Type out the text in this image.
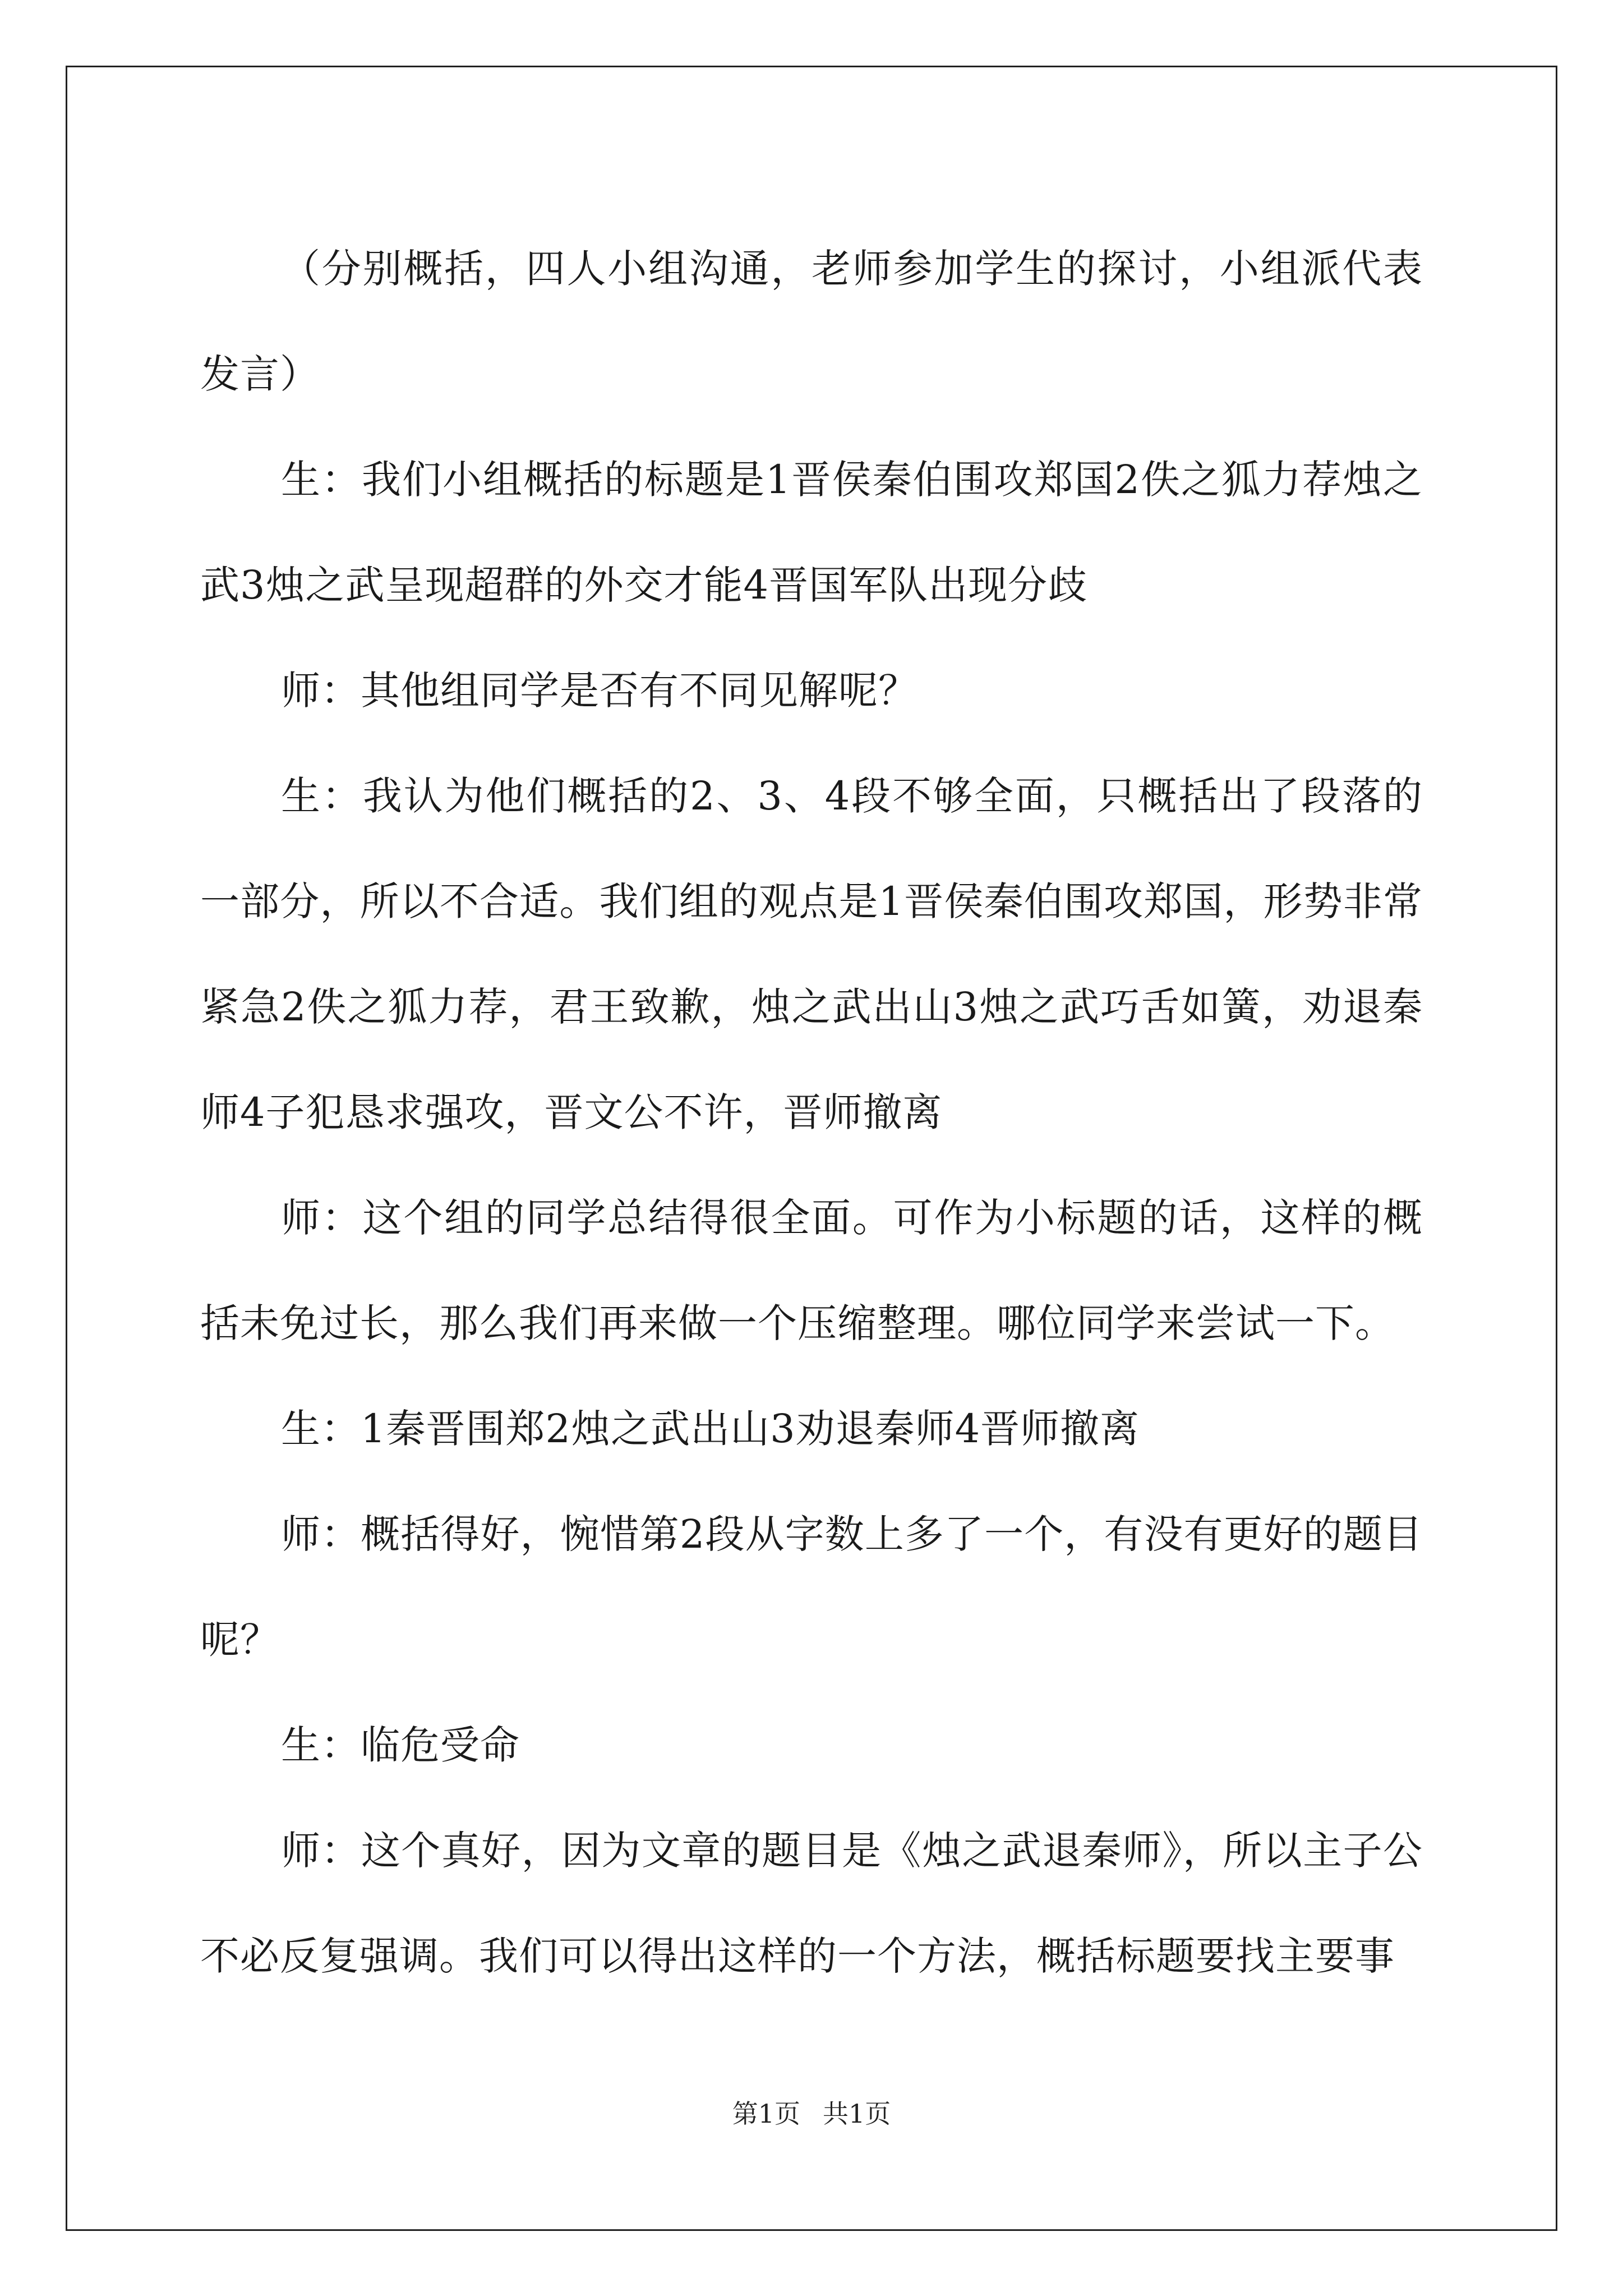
（分别概括，四人小组沟通，老师参加学生的探讨，小组派代表发言）

生：我们小组概括的标题是1晋侯秦伯围攻郑国2佚之狐力荐烛之武3烛之武呈现超群的外交才能4晋国军队出现分歧

师：其他组同学是否有不同见解呢？

生：我认为他们概括的2、3、4段不够全面，只概括出了段落的一部分，所以不合适。我们组的观点是1晋侯秦伯围攻郑国，形势非常紧急2佚之狐力荐，君王致歉，烛之武出山3烛之武巧舌如簧，劝退秦师4子犯恳求强攻，晋文公不许，晋师撤离

师：这个组的同学总结得很全面。可作为小标题的话，这样的概括未免过长，那么我们再来做一个压缩整理。哪位同学来尝试一下。

生：1秦晋围郑2烛之武出山3劝退秦师4晋师撤离

师：概括得好，惋惜第2段从字数上多了一个，有没有更好的题目呢？

生：临危受命

师：这个真好，因为文章的题目是《烛之武退秦师》，所以主子公不必反复强调。我们可以得出这样的一个方法，概括标题要找主要事

第1页 共1页
